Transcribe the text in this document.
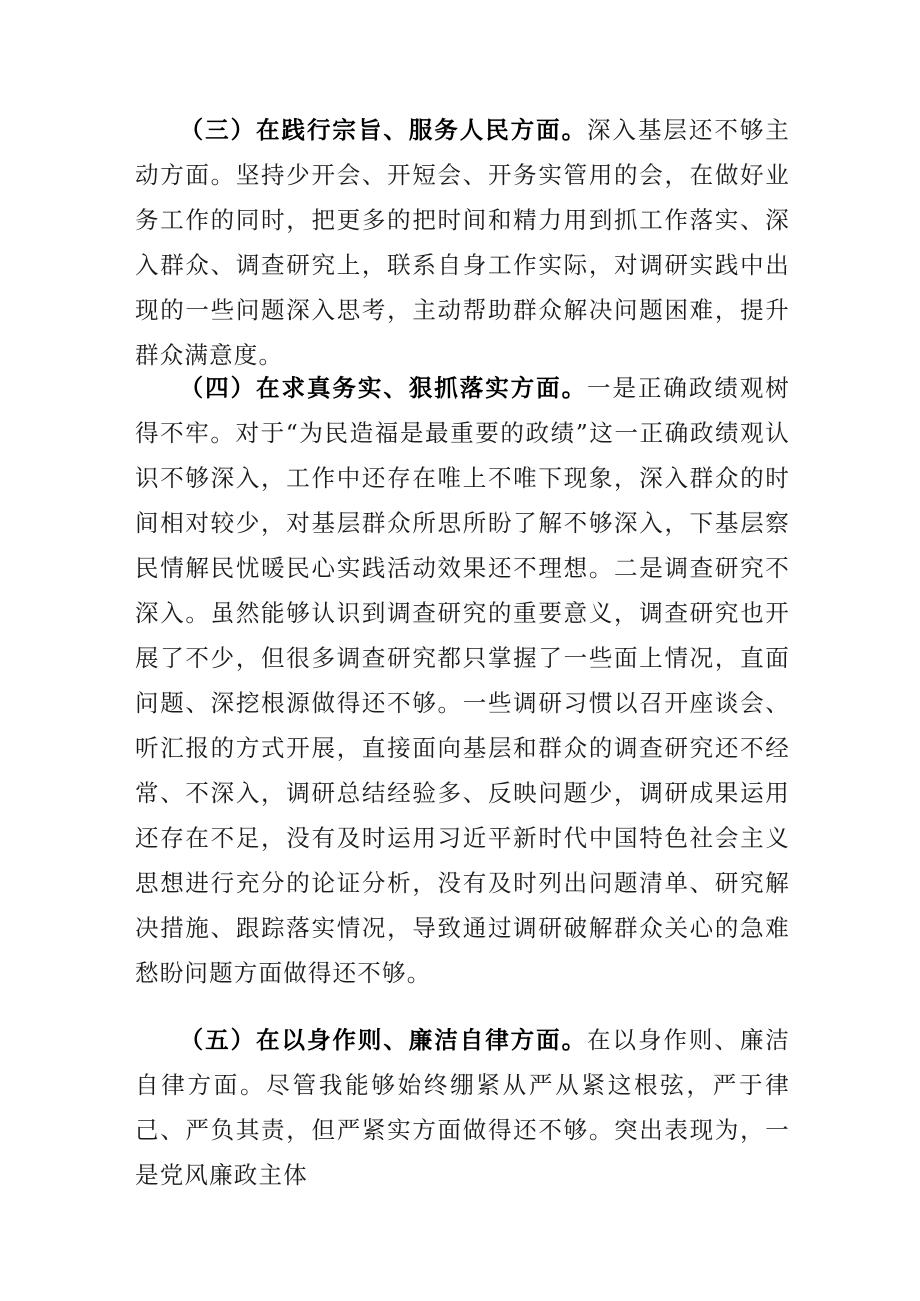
（三）在践行宗旨、服务人民方面。深入基层还不够主动方面。坚持少开会、开短会、开务实管用的会，在做好业务工作的同时，把更多的把时间和精力用到抓工作落实、深入群众、调查研究上，联系自身工作实际，对调研实践中出现的一些问题深入思考，主动帮助群众解决问题困难，提升群众满意度。

（四）在求真务实、狠抓落实方面。一是正确政绩观树得不牢。对于“为民造福是最重要的政绩”这一正确政绩观认识不够深入，工作中还存在唯上不唯下现象，深入群众的时间相对较少，对基层群众所思所盼了解不够深入，下基层察民情解民忧暖民心实践活动效果还不理想。二是调查研究不深入。虽然能够认识到调查研究的重要意义，调查研究也开展了不少，但很多调查研究都只掌握了一些面上情况，直面问题、深挖根源做得还不够。一些调研习惯以召开座谈会、听汇报的方式开展，直接面向基层和群众的调查研究还不经常、不深入，调研总结经验多、反映问题少，调研成果运用还存在不足，没有及时运用习近平新时代中国特色社会主义思想进行充分的论证分析，没有及时列出问题清单、研究解决措施、跟踪落实情况，导致通过调研破解群众关心的急难愁盼问题方面做得还不够。

（五）在以身作则、廉洁自律方面。在以身作则、廉洁自律方面。尽管我能够始终绷紧从严从紧这根弦，严于律己、严负其责，但严紧实方面做得还不够。突出表现为，一是党风廉政主体
